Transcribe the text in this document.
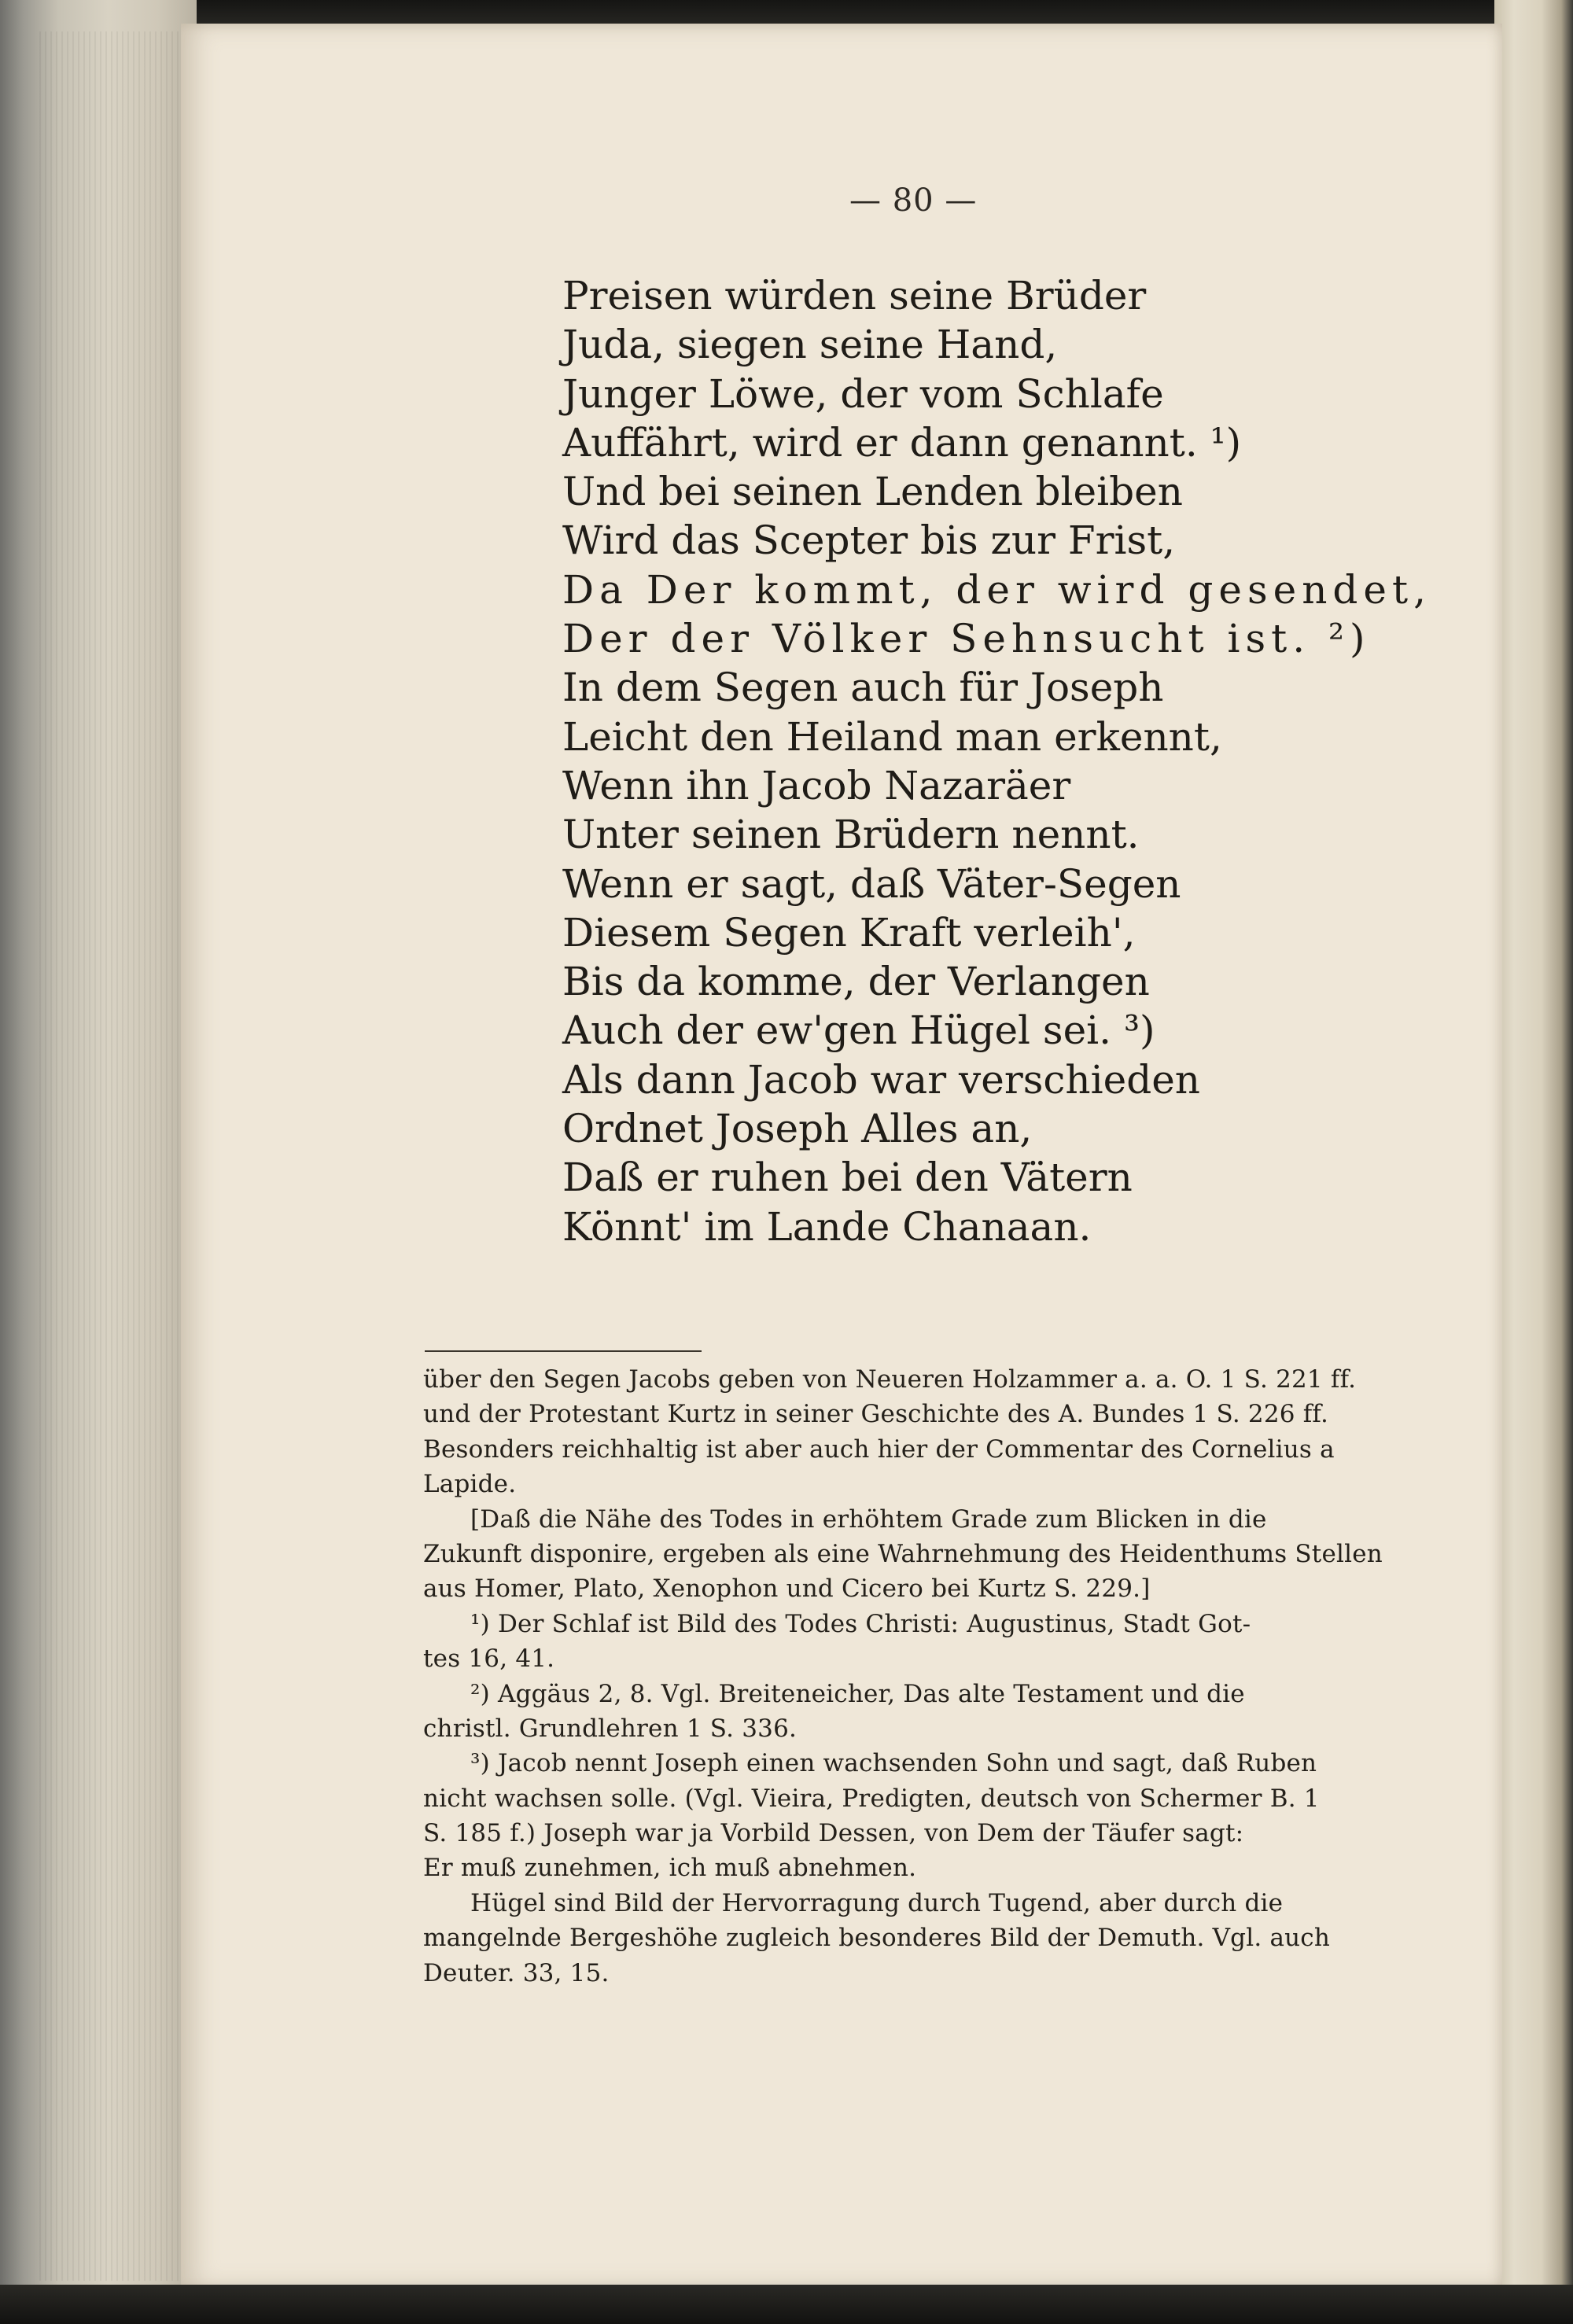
— 80 —
Preisen würden seine Brüder
Juda, siegen seine Hand,
Junger Löwe, der vom Schlafe
Auffährt, wird er dann genannt. ¹)
Und bei seinen Lenden bleiben
Wird das Scepter bis zur Frist,
Da Der kommt, der wird gesendet,
Der der Völker Sehnsucht ist. ²)
In dem Segen auch für Joseph
Leicht den Heiland man erkennt,
Wenn ihn Jacob Nazaräer
Unter seinen Brüdern nennt.
Wenn er sagt, daß Väter-Segen
Diesem Segen Kraft verleih',
Bis da komme, der Verlangen
Auch der ew'gen Hügel sei. ³)
Als dann Jacob war verschieden
Ordnet Joseph Alles an,
Daß er ruhen bei den Vätern
Könnt' im Lande Chanaan.
über den Segen Jacobs geben von Neueren Holzammer a. a. O. 1 S. 221 ff.
und der Protestant Kurtz in seiner Geschichte des A. Bundes 1 S. 226 ff.
Besonders reichhaltig ist aber auch hier der Commentar des Cornelius a
Lapide.
[Daß die Nähe des Todes in erhöhtem Grade zum Blicken in die
Zukunft disponire, ergeben als eine Wahrnehmung des Heidenthums Stellen
aus Homer, Plato, Xenophon und Cicero bei Kurtz S. 229.]
¹) Der Schlaf ist Bild des Todes Christi: Augustinus, Stadt Got-
tes 16, 41.
²) Aggäus 2, 8. Vgl. Breiteneicher, Das alte Testament und die
christl. Grundlehren 1 S. 336.
³) Jacob nennt Joseph einen wachsenden Sohn und sagt, daß Ruben
nicht wachsen solle. (Vgl. Vieira, Predigten, deutsch von Schermer B. 1
S. 185 f.) Joseph war ja Vorbild Dessen, von Dem der Täufer sagt:
Er muß zunehmen, ich muß abnehmen.
Hügel sind Bild der Hervorragung durch Tugend, aber durch die
mangelnde Bergeshöhe zugleich besonderes Bild der Demuth. Vgl. auch
Deuter. 33, 15.
